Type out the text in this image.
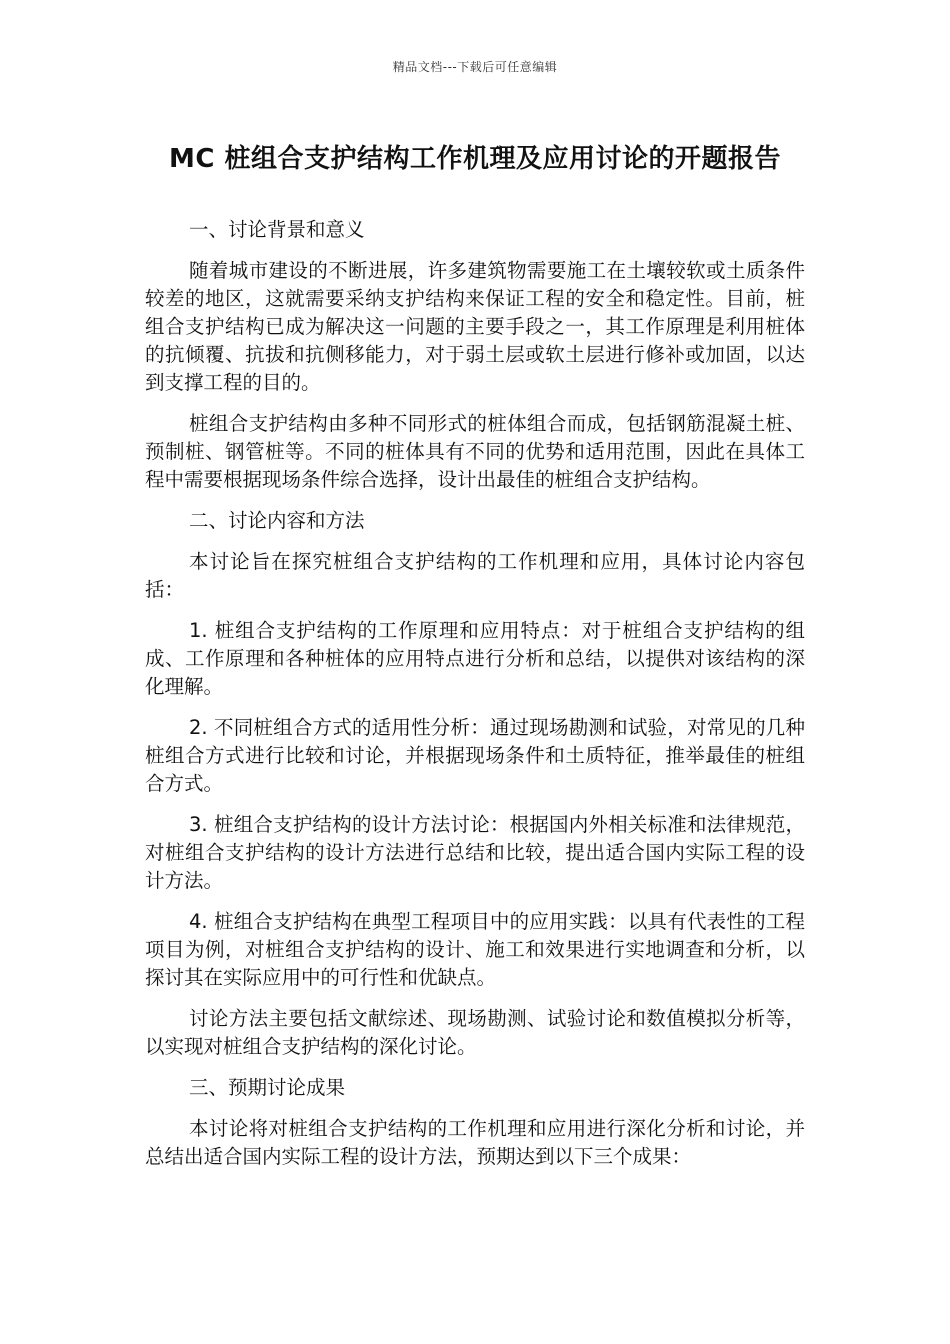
精品文档---下载后可任意编辑
MC 桩组合支护结构工作机理及应用讨论的开题报告

一、讨论背景和意义

随着城市建设的不断进展，许多建筑物需要施工在土壤较软或土质条件较差的地区，这就需要采纳支护结构来保证工程的安全和稳定性。目前，桩组合支护结构已成为解决这一问题的主要手段之一，其工作原理是利用桩体的抗倾覆、抗拔和抗侧移能力，对于弱土层或软土层进行修补或加固，以达到支撑工程的目的。

桩组合支护结构由多种不同形式的桩体组合而成，包括钢筋混凝土桩、预制桩、钢管桩等。不同的桩体具有不同的优势和适用范围，因此在具体工程中需要根据现场条件综合选择，设计出最佳的桩组合支护结构。

二、讨论内容和方法

本讨论旨在探究桩组合支护结构的工作机理和应用，具体讨论内容包括：

1. 桩组合支护结构的工作原理和应用特点：对于桩组合支护结构的组成、工作原理和各种桩体的应用特点进行分析和总结，以提供对该结构的深化理解。

2. 不同桩组合方式的适用性分析：通过现场勘测和试验，对常见的几种桩组合方式进行比较和讨论，并根据现场条件和土质特征，推举最佳的桩组合方式。

3. 桩组合支护结构的设计方法讨论：根据国内外相关标准和法律规范，对桩组合支护结构的设计方法进行总结和比较，提出适合国内实际工程的设计方法。

4. 桩组合支护结构在典型工程项目中的应用实践：以具有代表性的工程项目为例，对桩组合支护结构的设计、施工和效果进行实地调查和分析，以探讨其在实际应用中的可行性和优缺点。

讨论方法主要包括文献综述、现场勘测、试验讨论和数值模拟分析等，以实现对桩组合支护结构的深化讨论。

三、预期讨论成果

本讨论将对桩组合支护结构的工作机理和应用进行深化分析和讨论，并总结出适合国内实际工程的设计方法，预期达到以下三个成果：
